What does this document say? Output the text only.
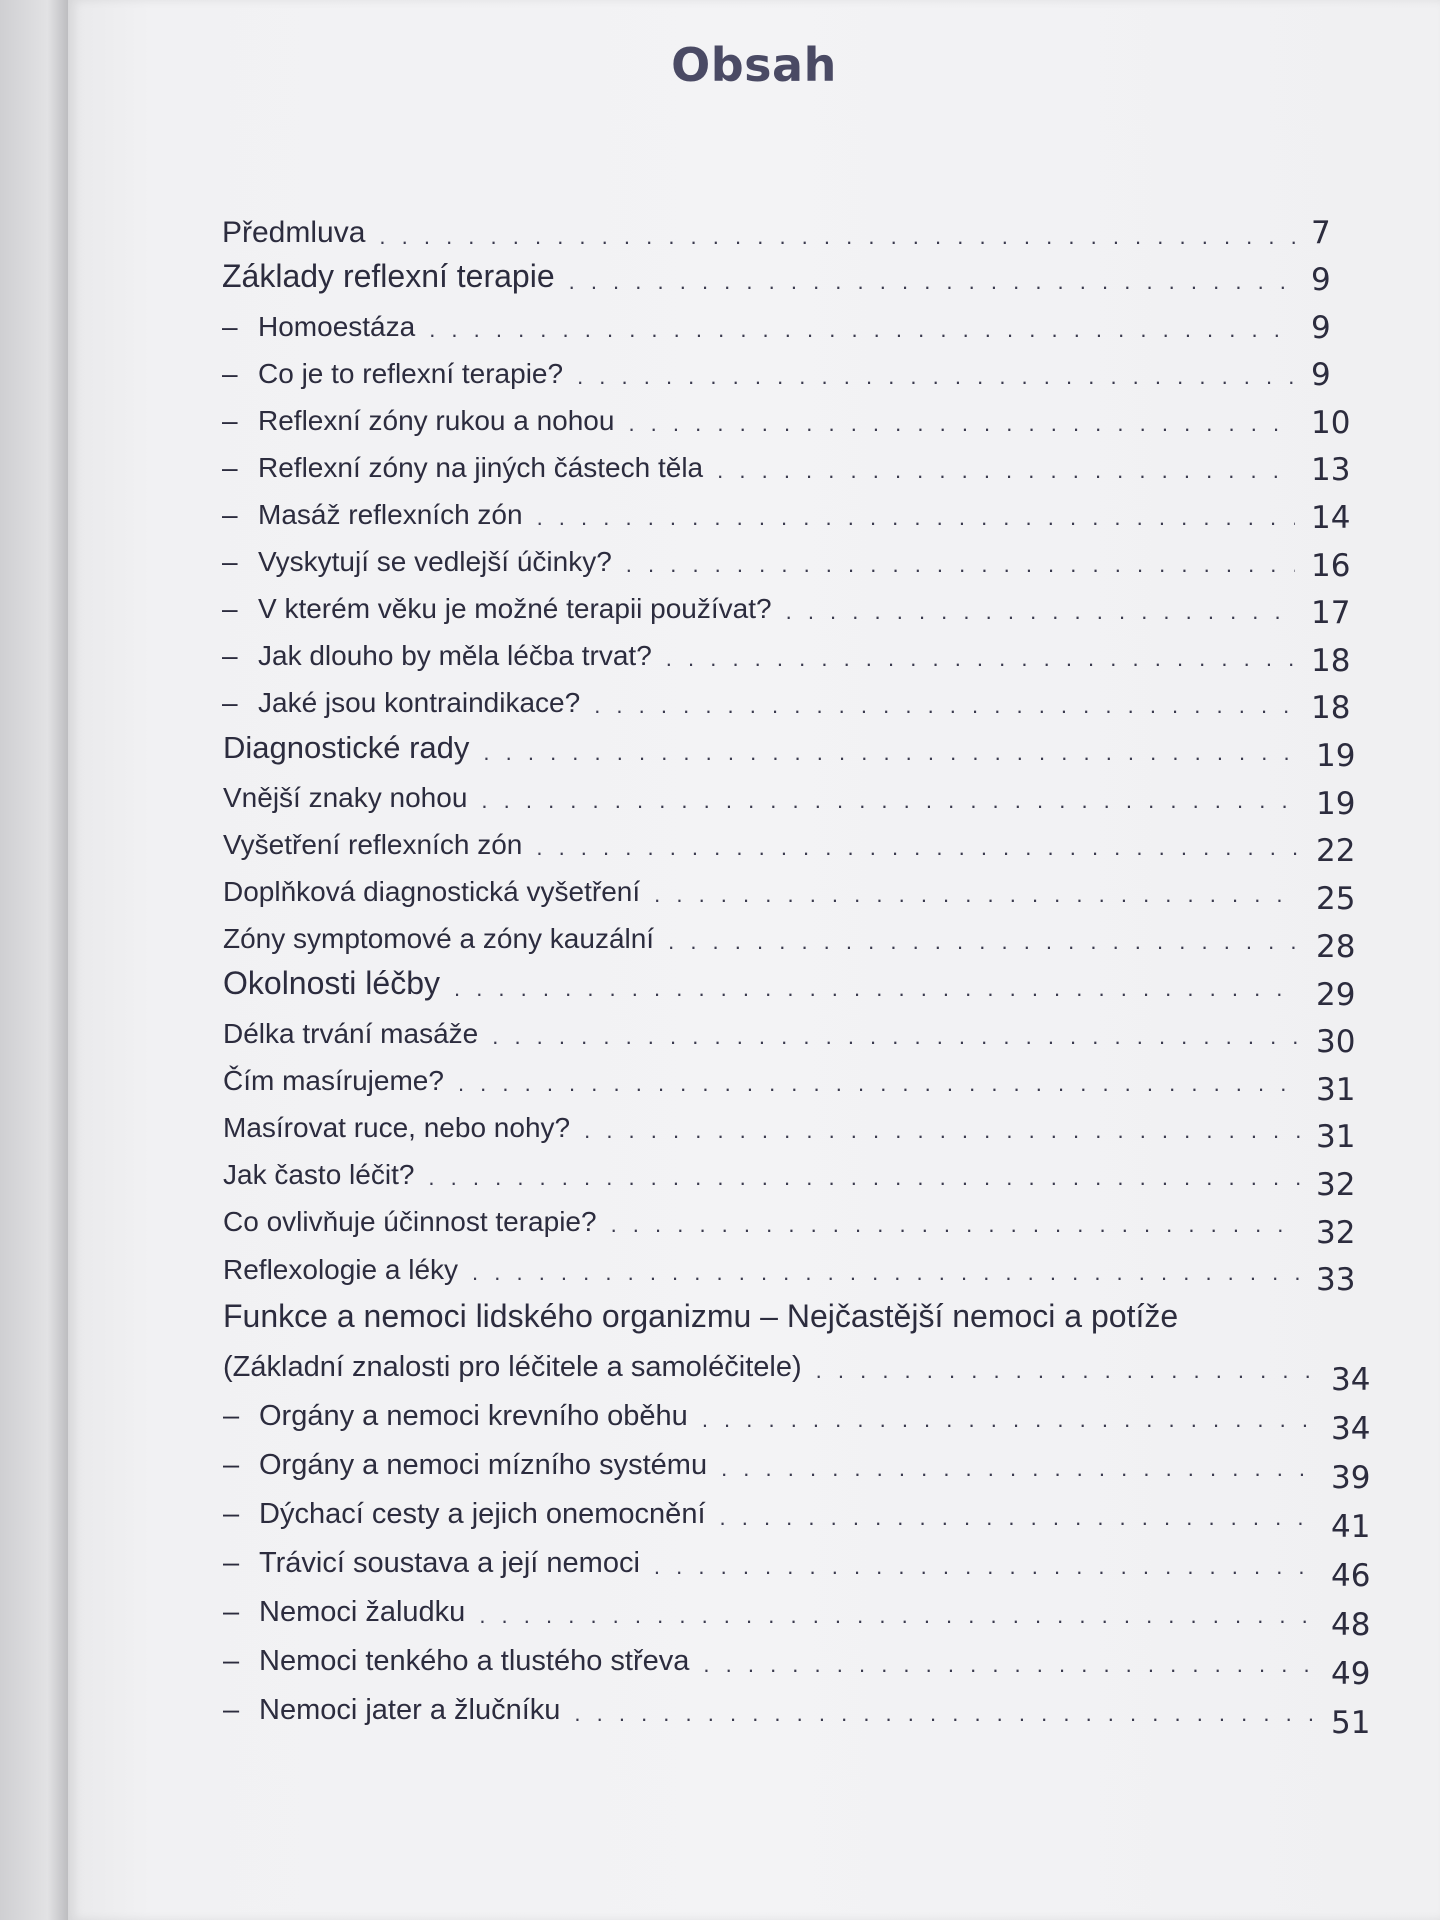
Obsah
Předmluva . . .	7
Základy reflexní terapie . . .	9
– Homoestáza . . .	9
– Co je to reflexní terapie? . . .	9
– Reflexní zóny rukou a nohou . . .	10
– Reflexní zóny na jiných částech těla . . .	13
– Masáž reflexních zón . . .	14
– Vyskytují se vedlejší účinky? . . .	16
– V kterém věku je možné terapii používat? . . .	17
– Jak dlouho by měla léčba trvat? . . .	18
– Jaké jsou kontraindikace? . . .	18
Diagnostické rady . . .	19
Vnější znaky nohou . . .	19
Vyšetření reflexních zón . . .	22
Doplňková diagnostická vyšetření . . .	25
Zóny symptomové a zóny kauzální . . .	28
Okolnosti léčby . . .	29
Délka trvání masáže . . .	30
Čím masírujeme? . . .	31
Masírovat ruce, nebo nohy? . . .	31
Jak často léčit? . . .	32
Co ovlivňuje účinnost terapie? . . .	32
Reflexologie a léky . . .	33
Funkce a nemoci lidského organizmu – Nejčastější nemoci a potíže
(Základní znalosti pro léčitele a samoléčitele) . . .	34
– Orgány a nemoci krevního oběhu . . .	34
– Orgány a nemoci mízního systému . . .	39
– Dýchací cesty a jejich onemocnění . . .	41
– Trávicí soustava a její nemoci . . .	46
– Nemoci žaludku . . .	48
– Nemoci tenkého a tlustého střeva . . .	49
– Nemoci jater a žlučníku . . .	51
